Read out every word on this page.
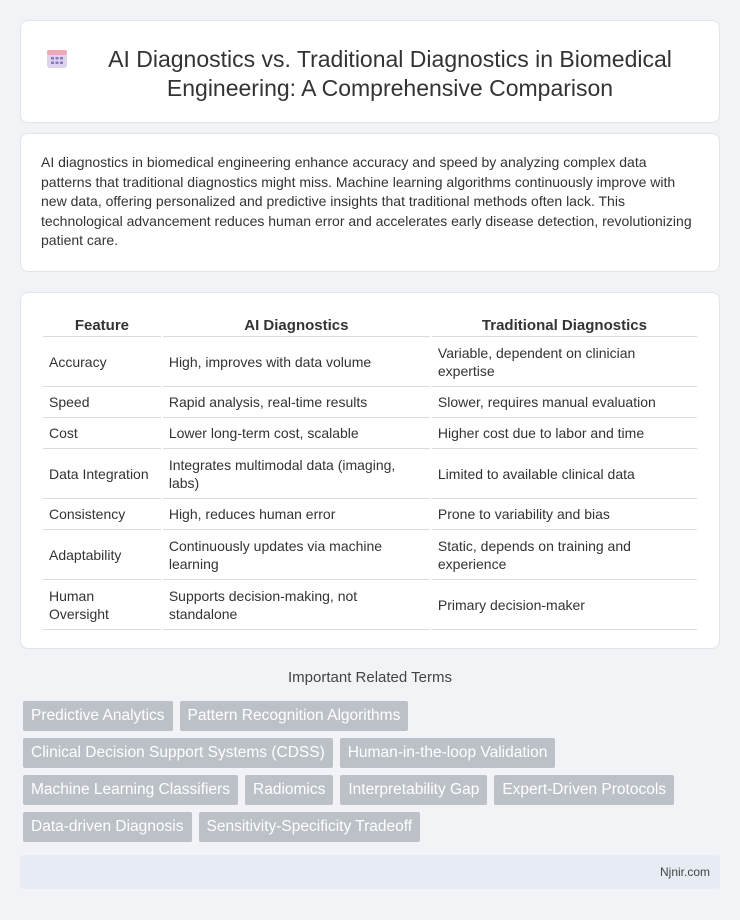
AI Diagnostics vs. Traditional Diagnostics in Biomedical Engineering: A Comprehensive Comparison

AI diagnostics in biomedical engineering enhance accuracy and speed by analyzing complex data patterns that traditional diagnostics might miss. Machine learning algorithms continuously improve with new data, offering personalized and predictive insights that traditional methods often lack. This technological advancement reduces human error and accelerates early disease detection, revolutionizing patient care.

Feature	AI Diagnostics	Traditional Diagnostics
Accuracy	High, improves with data volume	Variable, dependent on clinician expertise
Speed	Rapid analysis, real-time results	Slower, requires manual evaluation
Cost	Lower long-term cost, scalable	Higher cost due to labor and time
Data Integration	Integrates multimodal data (imaging, labs)	Limited to available clinical data
Consistency	High, reduces human error	Prone to variability and bias
Adaptability	Continuously updates via machine learning	Static, depends on training and experience
Human Oversight	Supports decision-making, not standalone	Primary decision-maker
Important Related Terms
Predictive Analytics	Pattern Recognition Algorithms
Clinical Decision Support Systems (CDSS)	Human-in-the-loop Validation
Machine Learning Classifiers	Radiomics	Interpretability Gap	Expert-Driven Protocols
Data-driven Diagnosis	Sensitivity-Specificity Tradeoff
Njnir.com
